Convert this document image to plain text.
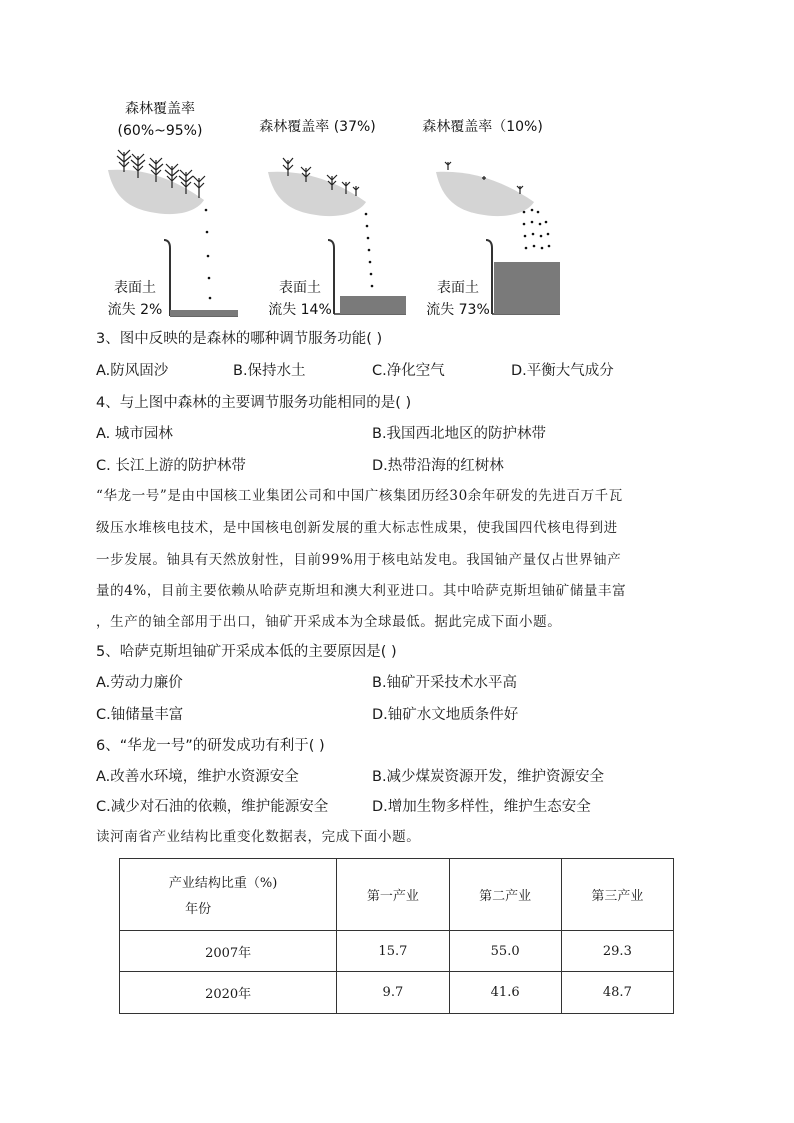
森林覆盖率
(60%~95%)	森林覆盖率 (37%)	森林覆盖率（10%)
表面土
流失 2%
表面土
流失 14%
表面土
流失 73%
3、图中反映的是森林的哪种调节服务功能( )
A.防风固沙	B.保持水土	C.净化空气	D.平衡大气成分
4、与上图中森林的主要调节服务功能相同的是( )
A. 城市园林	B.我国西北地区的防护林带
C. 长江上游的防护林带	D.热带沿海的红树林
“华龙一号”是由中国核工业集团公司和中国广核集团历经30余年研发的先进百万千瓦
级压水堆核电技术，是中国核电创新发展的重大标志性成果，使我国四代核电得到进
一步发展。铀具有天然放射性，目前99%用于核电站发电。我国铀产量仅占世界铀产
量的4%，目前主要依赖从哈萨克斯坦和澳大利亚进口。其中哈萨克斯坦铀矿储量丰富
，生产的铀全部用于出口，铀矿开采成本为全球最低。据此完成下面小题。
5、哈萨克斯坦铀矿开采成本低的主要原因是( )
A.劳动力廉价	B.铀矿开采技术水平高
C.铀储量丰富	D.铀矿水文地质条件好
6、“华龙一号”的研发成功有利于( )
A.改善水环境，维护水资源安全	B.减少煤炭资源开发，维护资源安全
C.减少对石油的依赖，维护能源安全	D.增加生物多样性，维护生态安全
读河南省产业结构比重变化数据表，完成下面小题。
产业结构比重（%)
年份	第一产业	第二产业	第三产业
2007年	15.7	55.0	29.3
2020年	9.7	41.6	48.7
